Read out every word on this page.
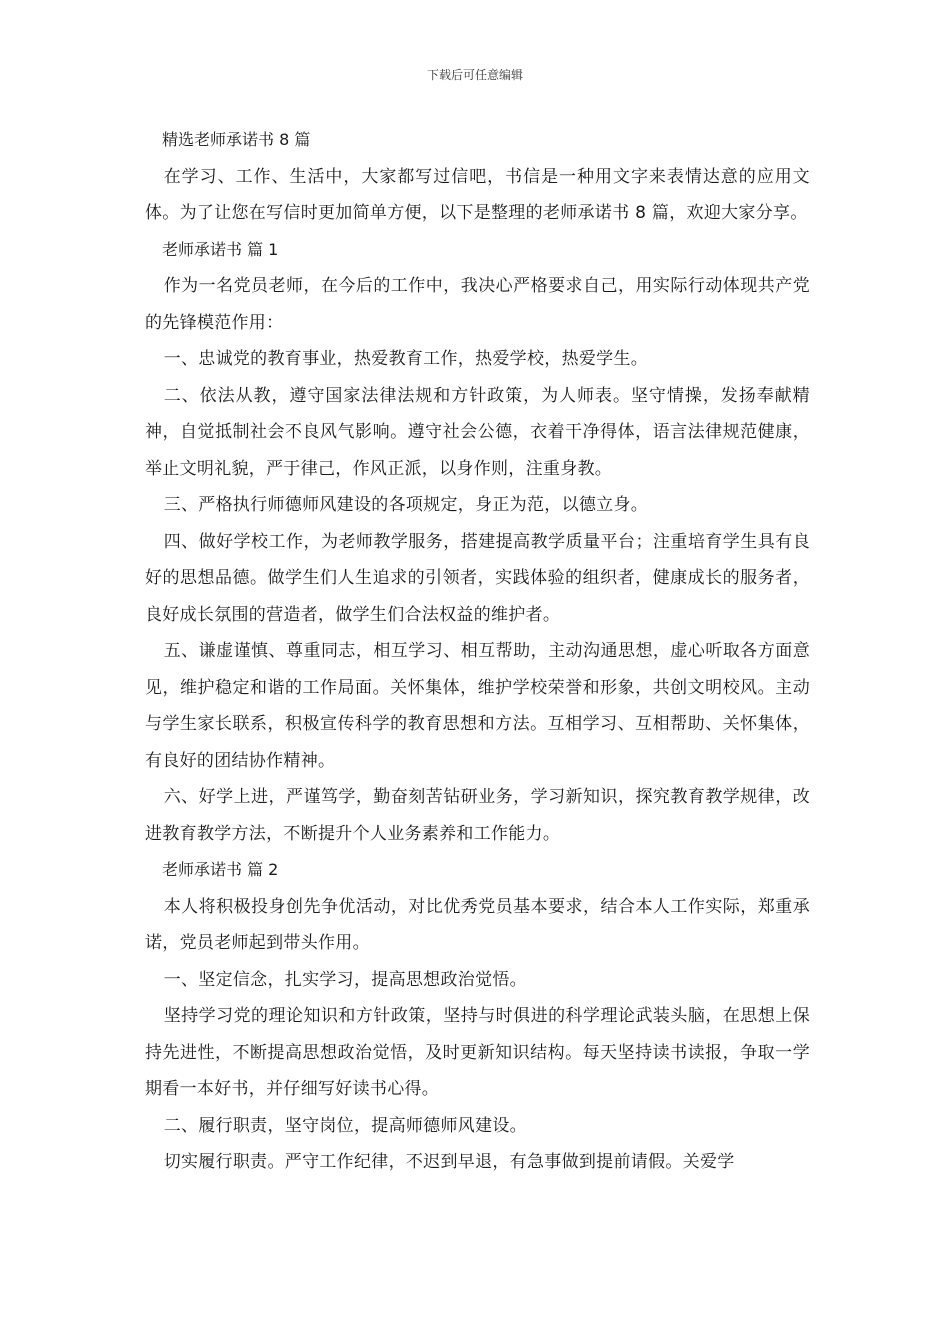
下载后可任意编辑

精选老师承诺书 8 篇

在学习、工作、生活中，大家都写过信吧，书信是一种用文字来表情达意的应用文体。为了让您在写信时更加简单方便，以下是整理的老师承诺书 8 篇，欢迎大家分享。

老师承诺书 篇 1

作为一名党员老师，在今后的工作中，我决心严格要求自己，用实际行动体现共产党的先锋模范作用：

一、忠诚党的教育事业，热爱教育工作，热爱学校，热爱学生。

二、依法从教，遵守国家法律法规和方针政策，为人师表。坚守情操，发扬奉献精神，自觉抵制社会不良风气影响。遵守社会公德，衣着干净得体，语言法律规范健康，举止文明礼貌，严于律己，作风正派，以身作则，注重身教。

三、严格执行师德师风建设的各项规定，身正为范，以德立身。

四、做好学校工作，为老师教学服务，搭建提高教学质量平台；注重培育学生具有良好的思想品德。做学生们人生追求的引领者，实践体验的组织者，健康成长的服务者，良好成长氛围的营造者，做学生们合法权益的维护者。

五、谦虚谨慎、尊重同志，相互学习、相互帮助，主动沟通思想，虚心听取各方面意见，维护稳定和谐的工作局面。关怀集体，维护学校荣誉和形象，共创文明校风。主动与学生家长联系，积极宣传科学的教育思想和方法。互相学习、互相帮助、关怀集体，有良好的团结协作精神。

六、好学上进，严谨笃学，勤奋刻苦钻研业务，学习新知识，探究教育教学规律，改进教育教学方法，不断提升个人业务素养和工作能力。

老师承诺书 篇 2

本人将积极投身创先争优活动，对比优秀党员基本要求，结合本人工作实际，郑重承诺，党员老师起到带头作用。

一、坚定信念，扎实学习，提高思想政治觉悟。

坚持学习党的理论知识和方针政策，坚持与时俱进的科学理论武装头脑，在思想上保持先进性，不断提高思想政治觉悟，及时更新知识结构。每天坚持读书读报，争取一学期看一本好书，并仔细写好读书心得。

二、履行职责，坚守岗位，提高师德师风建设。

切实履行职责。严守工作纪律，不迟到早退，有急事做到提前请假。关爱学
